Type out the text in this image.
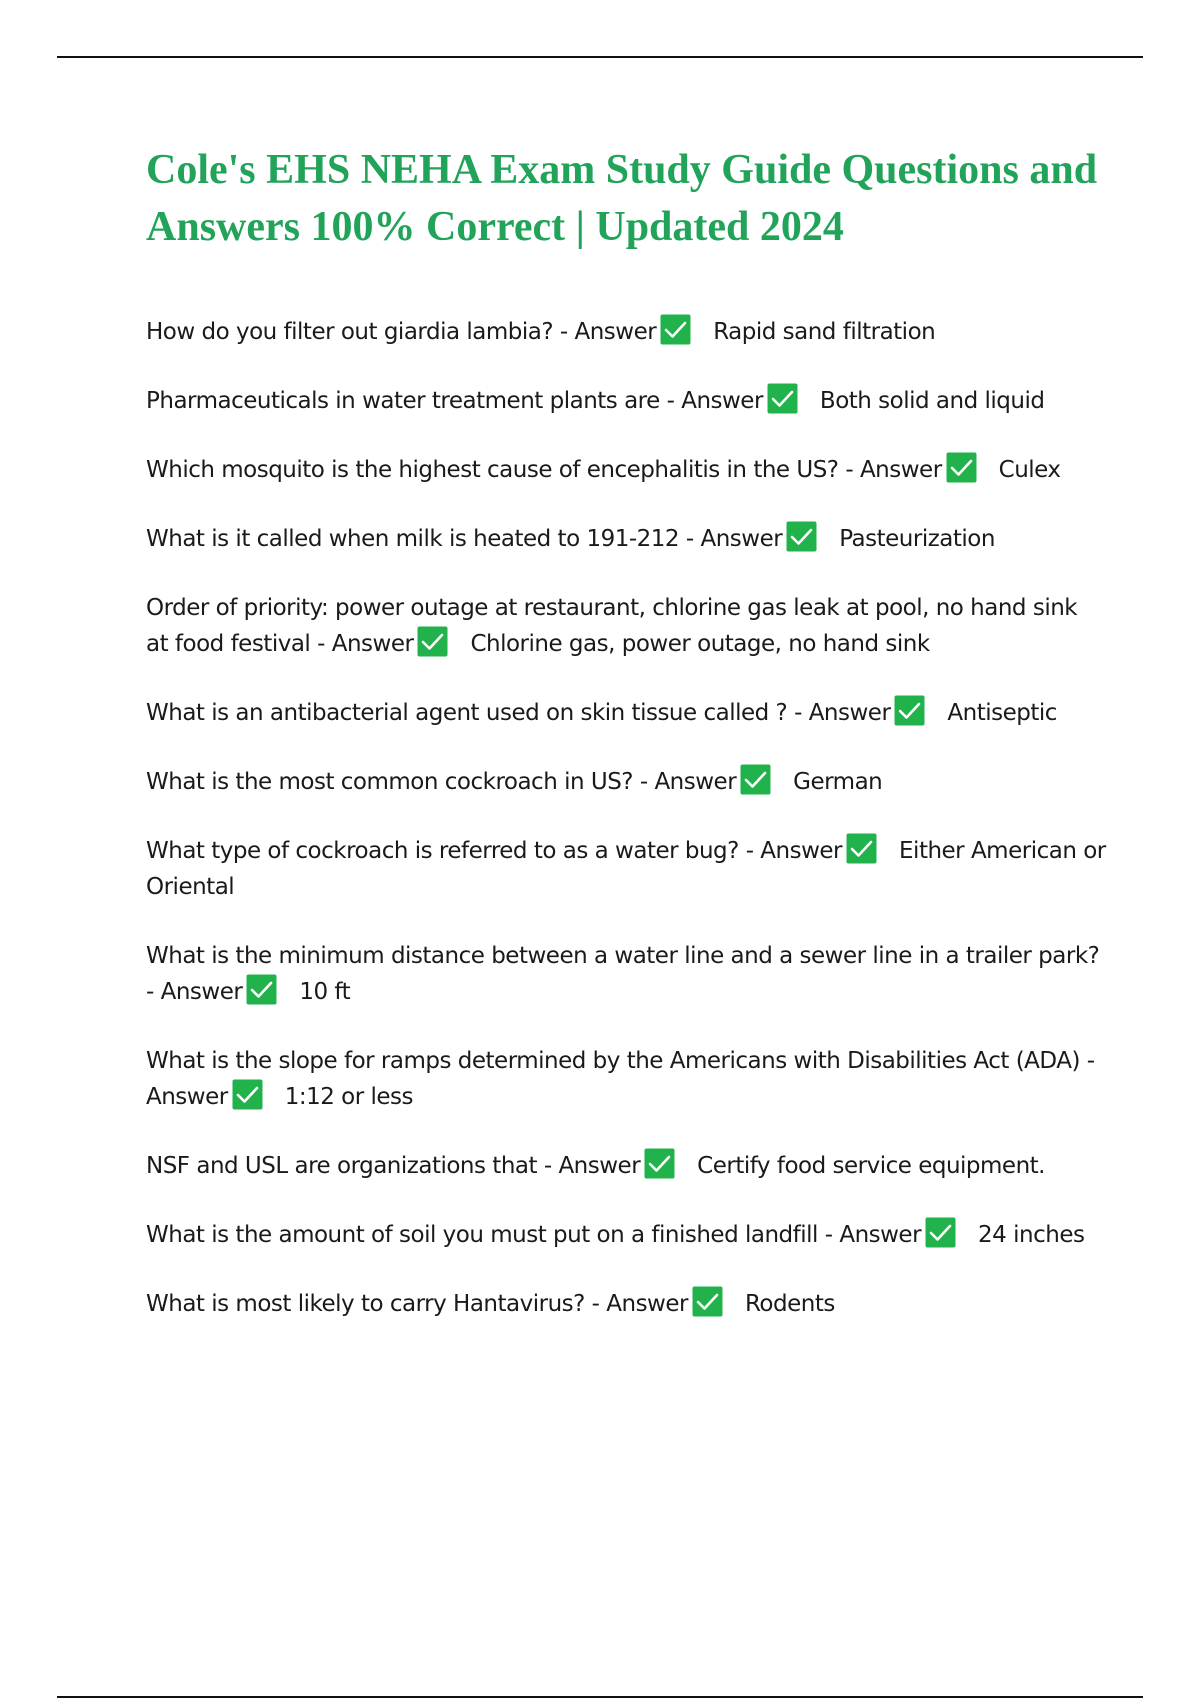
Cole's EHS NEHA Exam Study Guide Questions and Answers 100% Correct | Updated 2024
How do you filter out giardia lambia? - Answer Rapid sand filtration
Pharmaceuticals in water treatment plants are - Answer Both solid and liquid
Which mosquito is the highest cause of encephalitis in the US? - Answer Culex
What is it called when milk is heated to 191-212 - Answer Pasteurization
Order of priority: power outage at restaurant, chlorine gas leak at pool, no hand sink at food festival - Answer Chlorine gas, power outage, no hand sink
What is an antibacterial agent used on skin tissue called ? - Answer Antiseptic
What is the most common cockroach in US? - Answer German
What type of cockroach is referred to as a water bug? - Answer Either American or Oriental
What is the minimum distance between a water line and a sewer line in a trailer park? - Answer 10 ft
What is the slope for ramps determined by the Americans with Disabilities Act (ADA) - Answer 1:12 or less
NSF and USL are organizations that - Answer Certify food service equipment.
What is the amount of soil you must put on a finished landfill - Answer 24 inches
What is most likely to carry Hantavirus? - Answer Rodents
